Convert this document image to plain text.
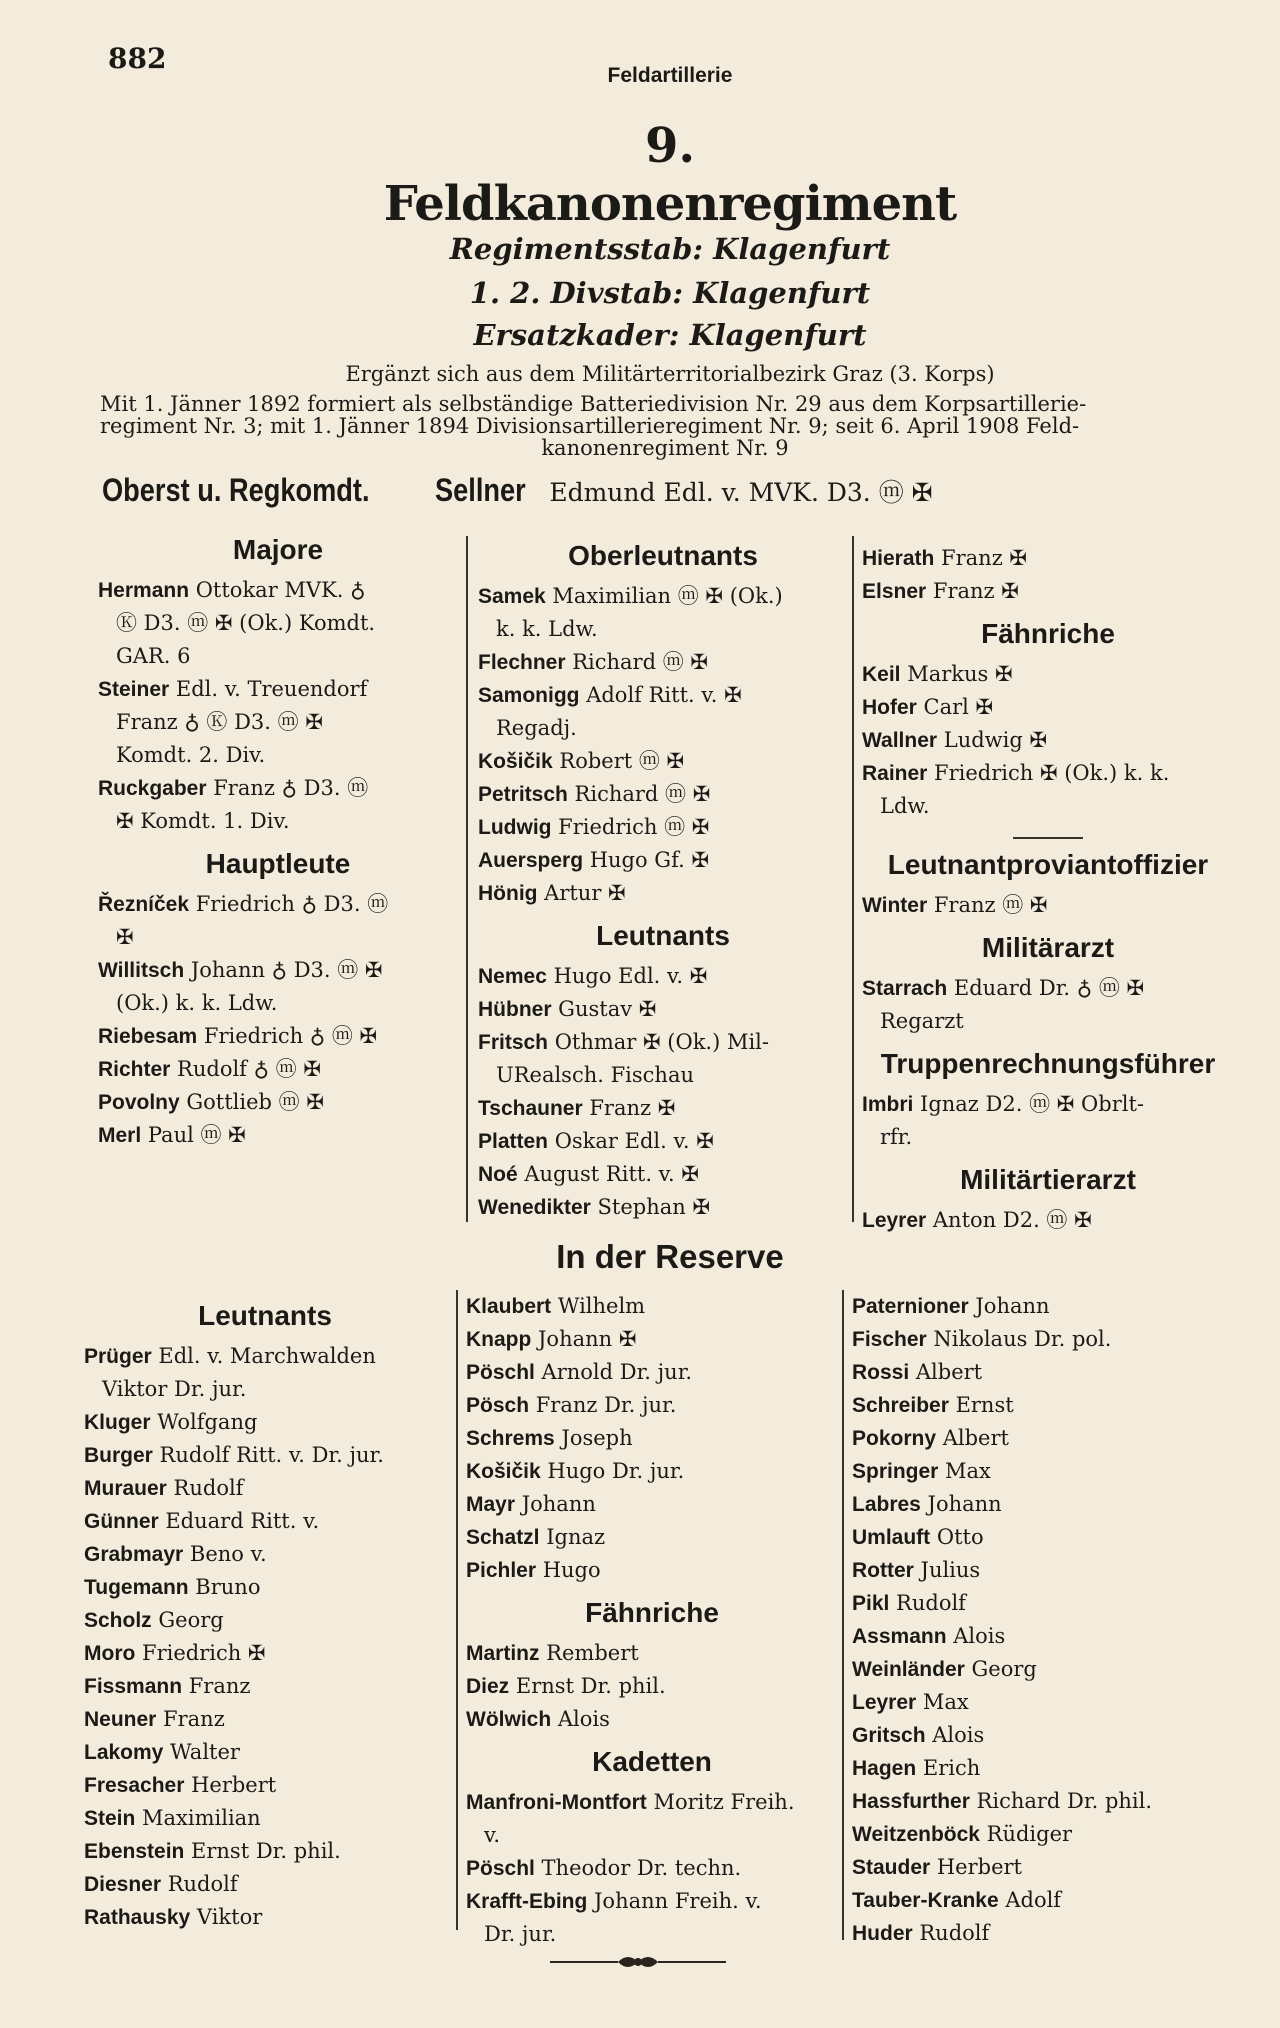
882
Feldartillerie
9.
Feldkanonenregiment
Regimentsstab: Klagenfurt
1. 2. Divstab: Klagenfurt
Ersatzkader: Klagenfurt
Ergänzt sich aus dem Militärterritorialbezirk Graz (3. Korps)
Mit 1. Jänner 1892 formiert als selbständige Batteriedivision Nr. 29 aus dem Korpsartillerie-
regiment Nr. 3; mit 1. Jänner 1894 Divisionsartillerieregiment Nr. 9; seit 6. April 1908 Feld-
kanonenregiment Nr. 9
Oberst u. Regkomdt. Sellner Edmund Edl. v. MVK. D3. ⓜ ✠
Majore
Hermann Ottokar MVK. ♁
Ⓚ D3. ⓜ ✠ (Ok.) Komdt.
GAR. 6
Steiner Edl. v. Treuendorf
Franz ♁ Ⓚ D3. ⓜ ✠
Komdt. 2. Div.
Ruckgaber Franz ♁ D3. ⓜ
✠ Komdt. 1. Div.
Hauptleute
Řezníček Friedrich ♁ D3. ⓜ
✠
Willitsch Johann ♁ D3. ⓜ ✠
(Ok.) k. k. Ldw.
Riebesam Friedrich ♁ ⓜ ✠
Richter Rudolf ♁ ⓜ ✠
Povolny Gottlieb ⓜ ✠
Merl Paul ⓜ ✠
Oberleutnants
Samek Maximilian ⓜ ✠ (Ok.)
k. k. Ldw.
Flechner Richard ⓜ ✠
Samonigg Adolf Ritt. v. ✠
Regadj.
Košičik Robert ⓜ ✠
Petritsch Richard ⓜ ✠
Ludwig Friedrich ⓜ ✠
Auersperg Hugo Gf. ✠
Hönig Artur ✠
Leutnants
Nemec Hugo Edl. v. ✠
Hübner Gustav ✠
Fritsch Othmar ✠ (Ok.) Mil-
URealsch. Fischau
Tschauner Franz ✠
Platten Oskar Edl. v. ✠
Noé August Ritt. v. ✠
Wenedikter Stephan ✠
Hierath Franz ✠
Elsner Franz ✠
Fähnriche
Keil Markus ✠
Hofer Carl ✠
Wallner Ludwig ✠
Rainer Friedrich ✠ (Ok.) k. k.
Ldw.
Leutnantproviantoffizier
Winter Franz ⓜ ✠
Militärarzt
Starrach Eduard Dr. ♁ ⓜ ✠
Regarzt
Truppenrechnungsführer
Imbri Ignaz D2. ⓜ ✠ Obrlt-
rfr.
Militärtierarzt
Leyrer Anton D2. ⓜ ✠
In der Reserve
Leutnants
Prüger Edl. v. Marchwalden
Viktor Dr. jur.
Kluger Wolfgang
Burger Rudolf Ritt. v. Dr. jur.
Murauer Rudolf
Günner Eduard Ritt. v.
Grabmayr Beno v.
Tugemann Bruno
Scholz Georg
Moro Friedrich ✠
Fissmann Franz
Neuner Franz
Lakomy Walter
Fresacher Herbert
Stein Maximilian
Ebenstein Ernst Dr. phil.
Diesner Rudolf
Rathausky Viktor
Klaubert Wilhelm
Knapp Johann ✠
Pöschl Arnold Dr. jur.
Pösch Franz Dr. jur.
Schrems Joseph
Košičik Hugo Dr. jur.
Mayr Johann
Schatzl Ignaz
Pichler Hugo
Fähnriche
Martinz Rembert
Diez Ernst Dr. phil.
Wölwich Alois
Kadetten
Manfroni-Montfort Moritz Freih.
v.
Pöschl Theodor Dr. techn.
Krafft-Ebing Johann Freih. v.
Dr. jur.
Paternioner Johann
Fischer Nikolaus Dr. pol.
Rossi Albert
Schreiber Ernst
Pokorny Albert
Springer Max
Labres Johann
Umlauft Otto
Rotter Julius
Pikl Rudolf
Assmann Alois
Weinländer Georg
Leyrer Max
Gritsch Alois
Hagen Erich
Hassfurther Richard Dr. phil.
Weitzenböck Rüdiger
Stauder Herbert
Tauber-Kranke Adolf
Huder Rudolf
